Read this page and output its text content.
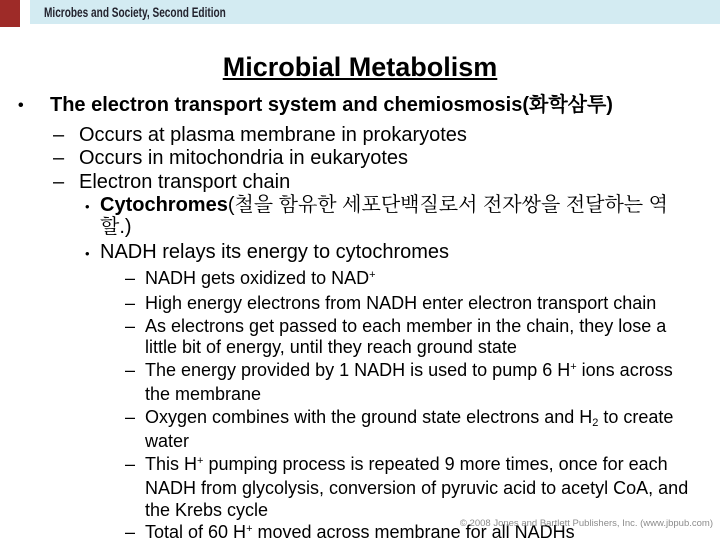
Microbes and Society, Second Edition
Microbial Metabolism
• The electron transport system and chemiosmosis(화학삼투)
– Occurs at plasma membrane in prokaryotes
– Occurs in mitochondria in eukaryotes
– Electron transport chain
• Cytochromes(철을 함유한 세포단백질로서 전자쌍을 전달하는 역할.)
• NADH relays its energy to cytochromes
– NADH gets oxidized to NAD+
– High energy electrons from NADH enter electron transport chain
– As electrons get passed to each member in the chain, they lose a little bit of energy, until they reach ground state
– The energy provided by 1 NADH is used to pump 6 H+ ions across the membrane
– Oxygen combines with the ground state electrons and $H_2$ to create water
– This H+ pumping process is repeated 9 more times, once for each NADH from glycolysis, conversion of pyruvic acid to acetyl CoA, and the Krebs cycle
– Total of 60 H+ moved across membrane for all NADHs
© 2008 Jones and Bartlett Publishers, Inc. (www.jbpub.com)
